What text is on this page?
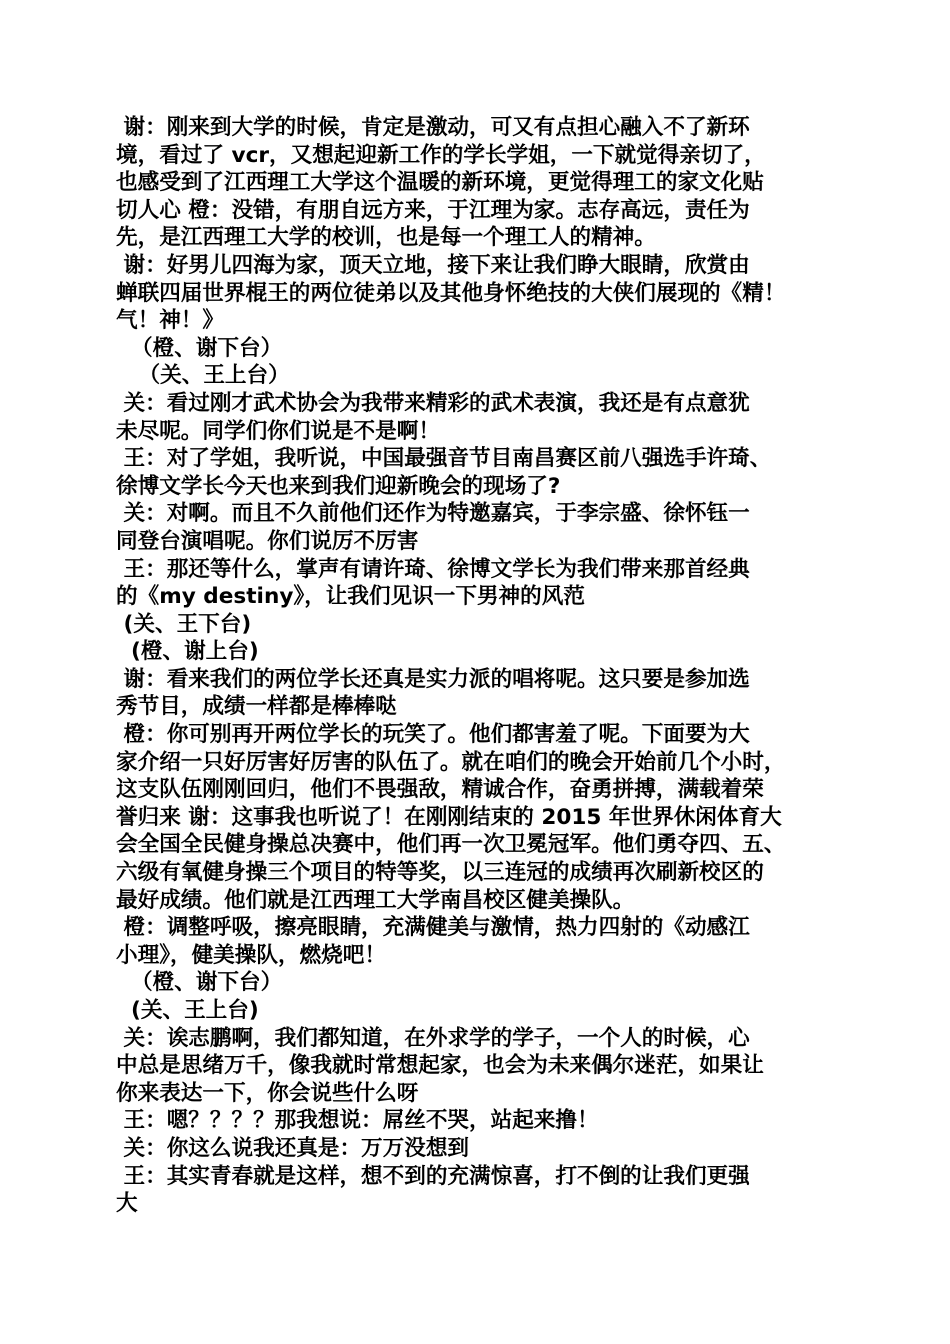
谢：刚来到大学的时候，肯定是激动，可又有点担心融入不了新环
境，看过了 vcr，又想起迎新工作的学长学姐，一下就觉得亲切了，
也感受到了江西理工大学这个温暖的新环境，更觉得理工的家文化贴
切人心 橙：没错，有朋自远方来，于江理为家。志存高远，责任为
先，是江西理工大学的校训，也是每一个理工人的精神。
谢：好男儿四海为家，顶天立地，接下来让我们睁大眼睛，欣赏由
蝉联四届世界棍王的两位徒弟以及其他身怀绝技的大侠们展现的《精！
气！神！》
（橙、谢下台）
（关、王上台）
关：看过刚才武术协会为我带来精彩的武术表演，我还是有点意犹
未尽呢。同学们你们说是不是啊！
王：对了学姐，我听说，中国最强音节目南昌赛区前八强选手许琦、
徐博文学长今天也来到我们迎新晚会的现场了?
关：对啊。而且不久前他们还作为特邀嘉宾，于李宗盛、徐怀钰一
同登台演唱呢。你们说厉不厉害
王：那还等什么，掌声有请许琦、徐博文学长为我们带来那首经典
的《my destiny》，让我们见识一下男神的风范
(关、王下台)
(橙、谢上台)
谢：看来我们的两位学长还真是实力派的唱将呢。这只要是参加选
秀节目，成绩一样都是棒棒哒
橙：你可别再开两位学长的玩笑了。他们都害羞了呢。下面要为大
家介绍一只好厉害好厉害的队伍了。就在咱们的晚会开始前几个小时，
这支队伍刚刚回归，他们不畏强敌，精诚合作，奋勇拼搏，满载着荣
誉归来 谢：这事我也听说了！在刚刚结束的 2015 年世界休闲体育大
会全国全民健身操总决赛中，他们再一次卫冕冠军。他们勇夺四、五、
六级有氧健身操三个项目的特等奖，以三连冠的成绩再次刷新校区的
最好成绩。他们就是江西理工大学南昌校区健美操队。
橙：调整呼吸，擦亮眼睛，充满健美与激情，热力四射的《动感江
小理》，健美操队，燃烧吧！
（橙、谢下台）
(关、王上台)
关：诶志鹏啊，我们都知道，在外求学的学子，一个人的时候，心
中总是思绪万千，像我就时常想起家，也会为未来偶尔迷茫，如果让
你来表达一下，你会说些什么呀
王：嗯？？？？那我想说：屌丝不哭，站起来撸！
关：你这么说我还真是：万万没想到
王：其实青春就是这样，想不到的充满惊喜，打不倒的让我们更强
大
